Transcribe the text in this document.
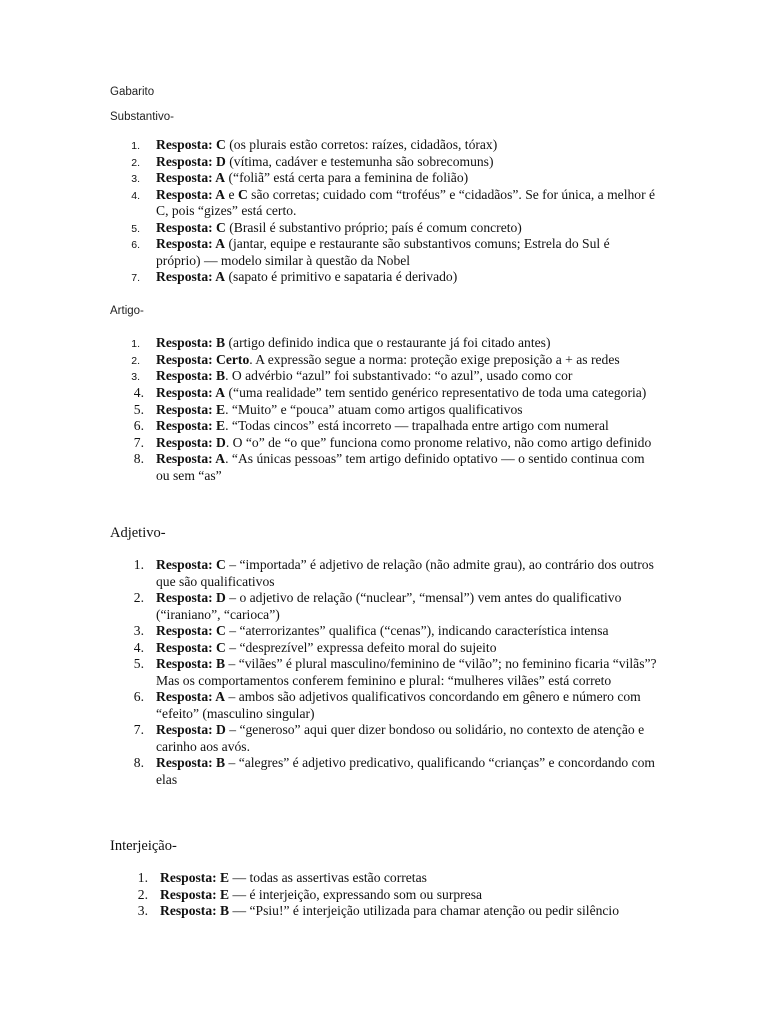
Gabarito
Substantivo-
1. Resposta: C (os plurais estão corretos: raízes, cidadãos, tórax)
2. Resposta: D (vítima, cadáver e testemunha são sobrecomuns)
3. Resposta: A (“foliã” está certa para a feminina de folião)
4. Resposta: A e C são corretas; cuidado com “troféus” e “cidadãos”. Se for única, a melhor é C, pois “gizes” está certo.
5. Resposta: C (Brasil é substantivo próprio; país é comum concreto)
6. Resposta: A (jantar, equipe e restaurante são substantivos comuns; Estrela do Sul é próprio) — modelo similar à questão da Nobel
7. Resposta: A (sapato é primitivo e sapataria é derivado)
Artigo-
1. Resposta: B (artigo definido indica que o restaurante já foi citado antes)
2. Resposta: Certo. A expressão segue a norma: proteção exige preposição a + as redes
3. Resposta: B. O advérbio “azul” foi substantivado: “o azul”, usado como cor
4. Resposta: A (“uma realidade” tem sentido genérico representativo de toda uma categoria)
5. Resposta: E. “Muito” e “pouca” atuam como artigos qualificativos
6. Resposta: E. “Todas cincos” está incorreto — trapalhada entre artigo com numeral
7. Resposta: D. O “o” de “o que” funciona como pronome relativo, não como artigo definido
8. Resposta: A. “As únicas pessoas” tem artigo definido optativo — o sentido continua com ou sem “as”
Adjetivo-
1. Resposta: C – “importada” é adjetivo de relação (não admite grau), ao contrário dos outros que são qualificativos
2. Resposta: D – o adjetivo de relação (“nuclear”, “mensal”) vem antes do qualificativo (“iraniano”, “carioca”)
3. Resposta: C – “aterrorizantes” qualifica (“cenas”), indicando característica intensa
4. Resposta: C – “desprezível” expressa defeito moral do sujeito
5. Resposta: B – “vilães” é plural masculino/feminino de “vilão”; no feminino ficaria “vilãs”? Mas os comportamentos conferem feminino e plural: “mulheres vilães” está correto
6. Resposta: A – ambos são adjetivos qualificativos concordando em gênero e número com “efeito” (masculino singular)
7. Resposta: D – “generoso” aqui quer dizer bondoso ou solidário, no contexto de atenção e carinho aos avós.
8. Resposta: B – “alegres” é adjetivo predicativo, qualificando “crianças” e concordando com elas
Interjeição-
1. Resposta: E — todas as assertivas estão corretas
2. Resposta: E — é interjeição, expressando som ou surpresa
3. Resposta: B — “Psiu!” é interjeição utilizada para chamar atenção ou pedir silêncio
